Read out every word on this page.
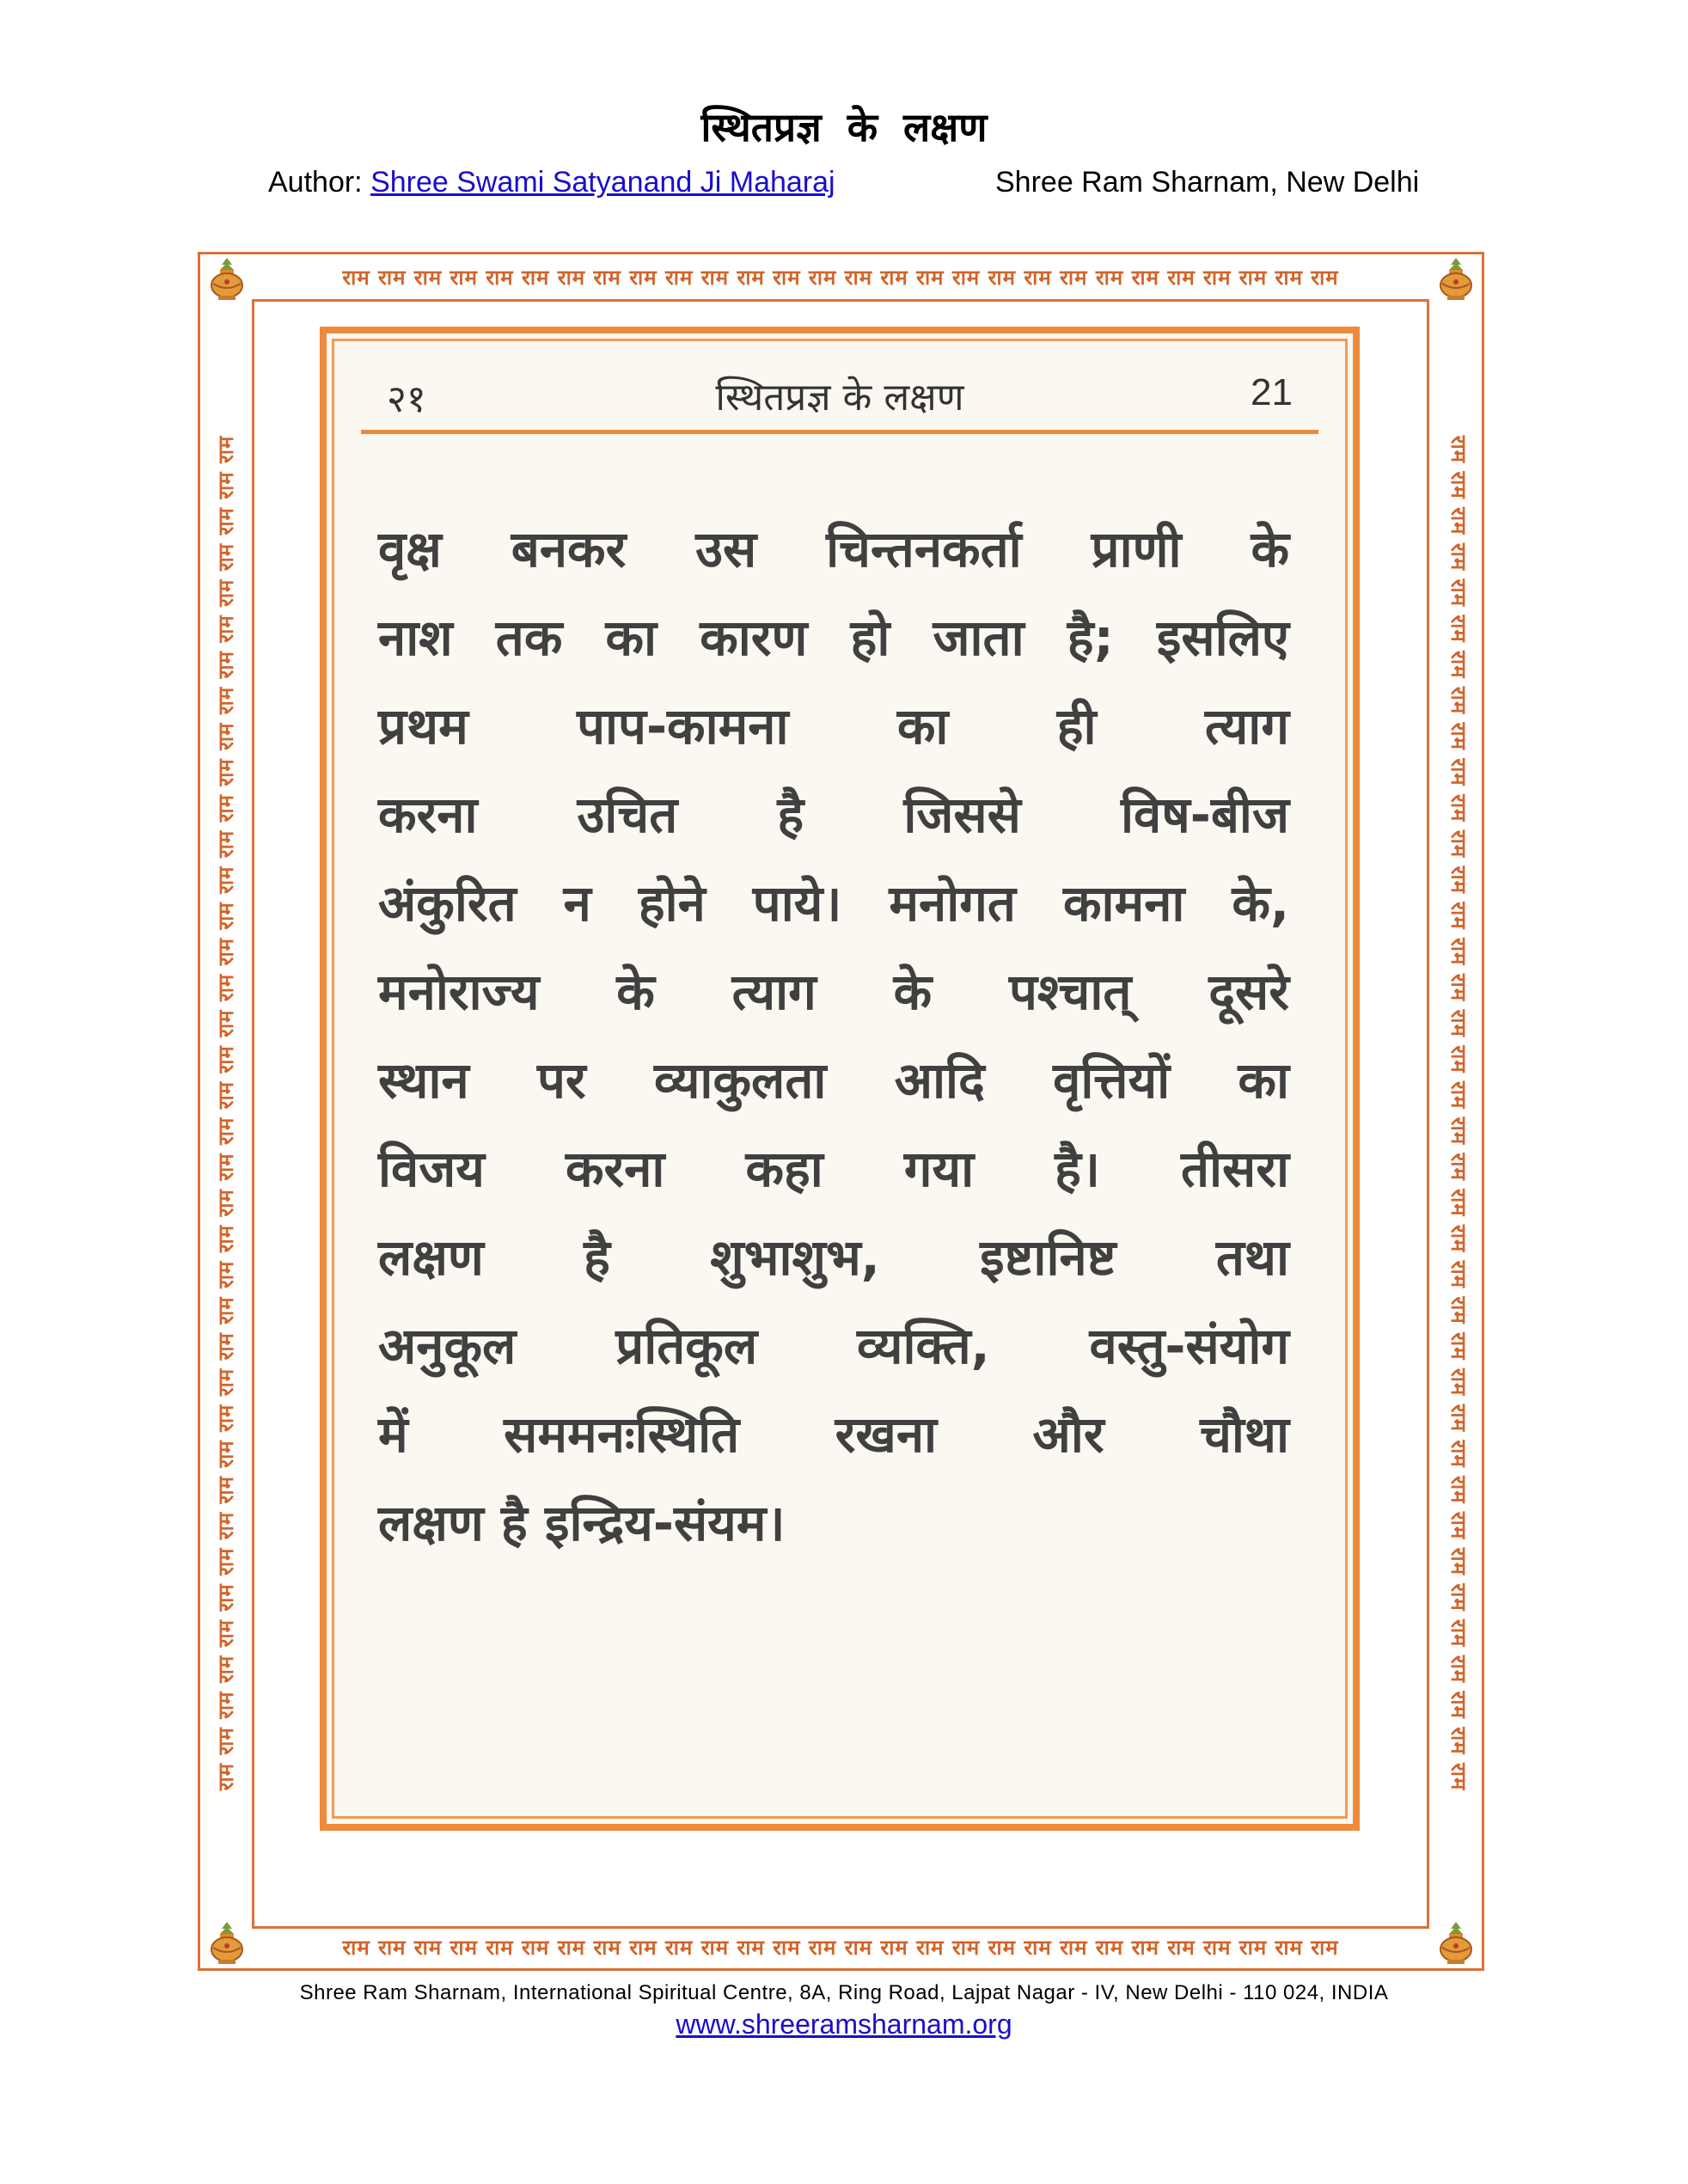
स्थितप्रज्ञ के लक्षण
Author: Shree Swami Satyanand Ji Maharaj	Shree Ram Sharnam, New Delhi
राम राम राम राम राम राम राम राम राम राम राम राम राम राम राम राम राम राम राम राम राम राम राम राम राम राम राम राम
राम राम राम राम राम राम राम राम राम राम राम राम राम राम राम राम राम राम राम राम राम राम राम राम राम राम राम राम
राम राम राम राम राम राम राम राम राम राम राम राम राम राम राम राम राम राम राम राम राम राम राम राम राम राम राम राम राम राम राम राम राम राम राम राम राम राम	राम राम राम राम राम राम राम राम राम राम राम राम राम राम राम राम राम राम राम राम राम राम राम राम राम राम राम राम राम राम राम राम राम राम राम राम राम राम
२१	स्थितप्रज्ञ के लक्षण	21
वृक्ष बनकर उस चिन्तनकर्ता प्राणी के
नाश तक का कारण हो जाता है; इसलिए
प्रथम पाप-कामना का ही त्याग
करना उचित है जिससे विष-बीज
अंकुरित न होने पाये। मनोगत कामना के,
मनोराज्य के त्याग के पश्चात् दूसरे
स्थान पर व्याकुलता आदि वृत्तियों का
विजय करना कहा गया है। तीसरा
लक्षण है शुभाशुभ, इष्टानिष्ट तथा
अनुकूल प्रतिकूल व्यक्ति, वस्तु-संयोग
में सममनःस्थिति रखना और चौथा
लक्षण है इन्द्रिय-संयम।
Shree Ram Sharnam, International Spiritual Centre, 8A, Ring Road, Lajpat Nagar - IV, New Delhi - 110 024, INDIA
www.shreeramsharnam.org
